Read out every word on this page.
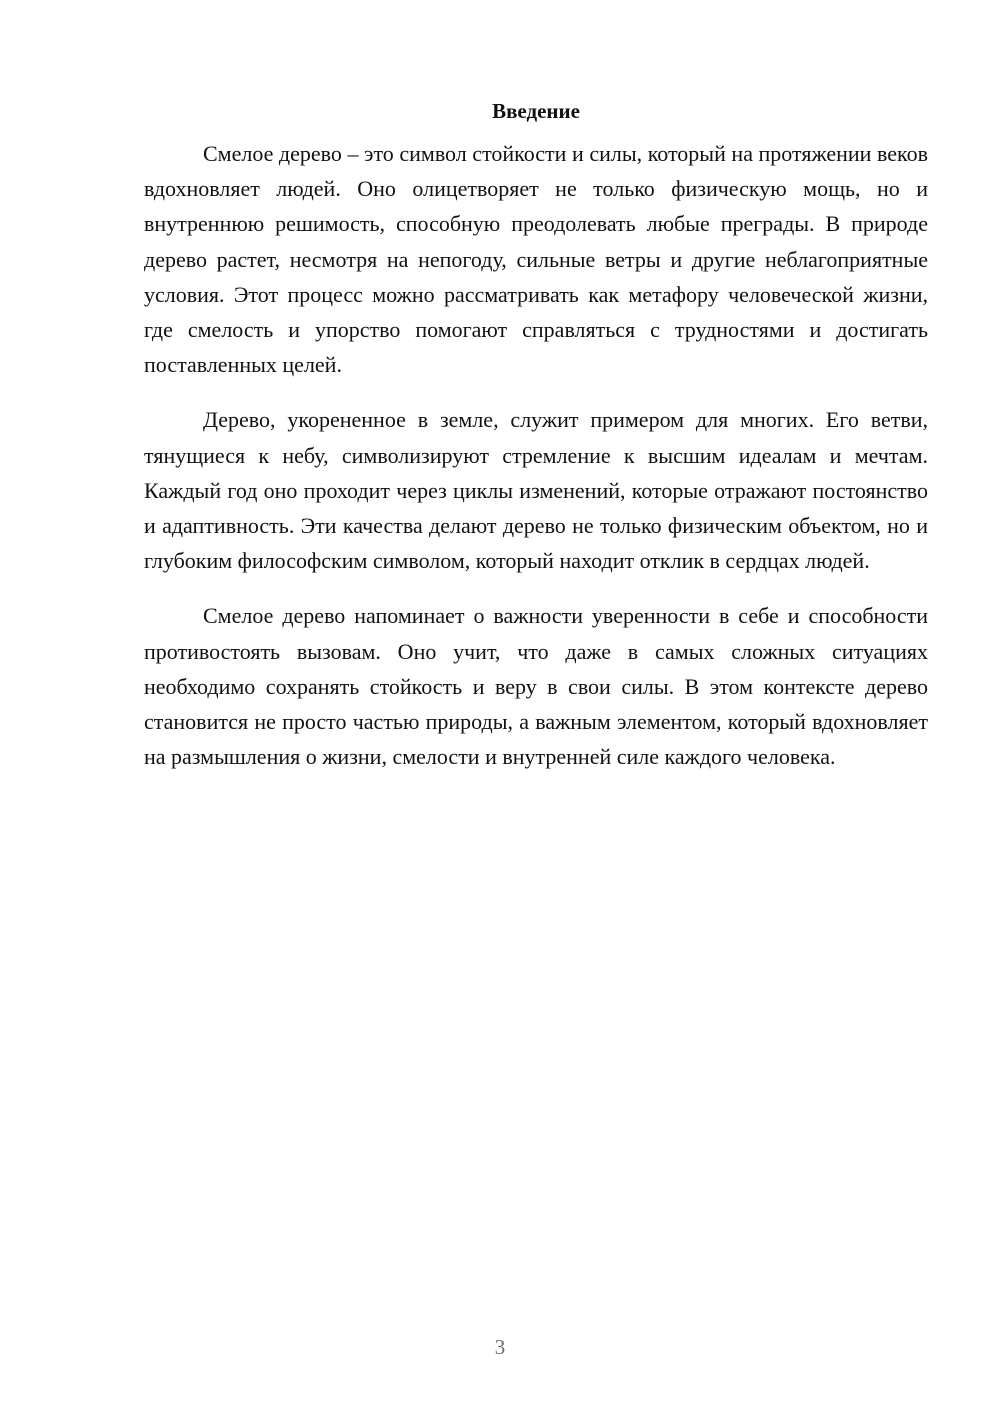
Введение

Смелое дерево – это символ стойкости и силы, который на протяжении веков вдохновляет людей. Оно олицетворяет не только физическую мощь, но и внутреннюю решимость, способную преодолевать любые преграды. В природе дерево растет, несмотря на непогоду, сильные ветры и другие неблагоприятные условия. Этот процесс можно рассматривать как метафору человеческой жизни, где смелость и упорство помогают справляться с трудностями и достигать поставленных целей.

Дерево, укорененное в земле, служит примером для многих. Его ветви, тянущиеся к небу, символизируют стремление к высшим идеалам и мечтам. Каждый год оно проходит через циклы изменений, которые отражают постоянство и адаптивность. Эти качества делают дерево не только физическим объектом, но и глубоким философским символом, который находит отклик в сердцах людей.

Смелое дерево напоминает о важности уверенности в себе и способности противостоять вызовам. Оно учит, что даже в самых сложных ситуациях необходимо сохранять стойкость и веру в свои силы. В этом контексте дерево становится не просто частью природы, а важным элементом, который вдохновляет на размышления о жизни, смелости и внутренней силе каждого человека.

3
